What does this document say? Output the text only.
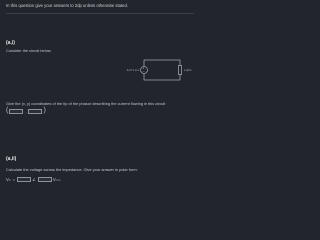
In this question give your answers to 2dp unless otherwise stated.
(a,i)
Consider the circuit below.
+
−
3∠0 V rms	2+j9 Ω
Give the (x, y) coordinates of the tip of the phasor describing the current flowing in this circuit
(	, )
(a,ii)
Calculate the voltage across the impedance. Give your answer in polar form:
VZ =	∠	Vrms
